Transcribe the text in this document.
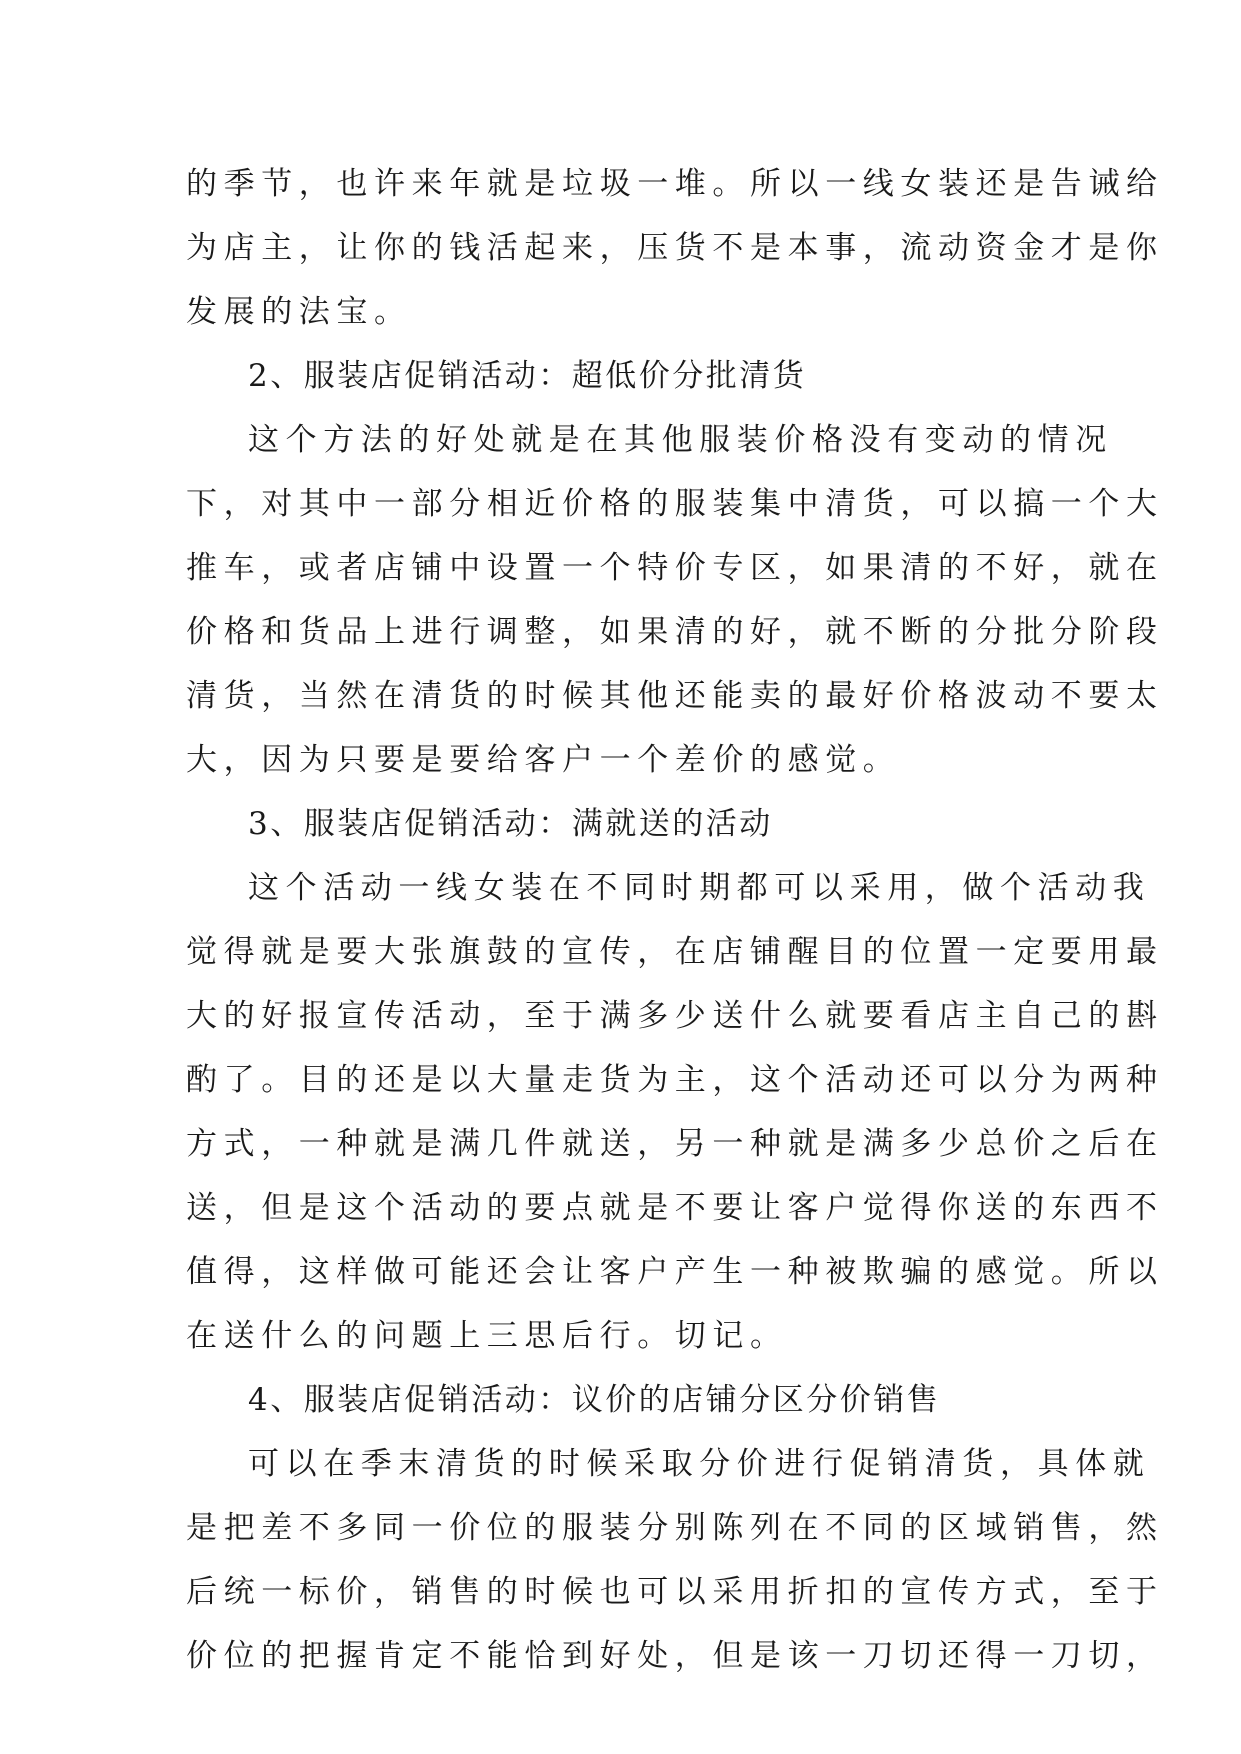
的季节，也许来年就是垃圾一堆。所以一线女装还是告诫给
为店主，让你的钱活起来，压货不是本事，流动资金才是你
发展的法宝。
2、服装店促销活动：超低价分批清货
这个方法的好处就是在其他服装价格没有变动的情况
下，对其中一部分相近价格的服装集中清货，可以搞一个大
推车，或者店铺中设置一个特价专区，如果清的不好，就在
价格和货品上进行调整，如果清的好，就不断的分批分阶段
清货，当然在清货的时候其他还能卖的最好价格波动不要太
大，因为只要是要给客户一个差价的感觉。
3、服装店促销活动：满就送的活动
这个活动一线女装在不同时期都可以采用，做个活动我
觉得就是要大张旗鼓的宣传，在店铺醒目的位置一定要用最
大的好报宣传活动，至于满多少送什么就要看店主自己的斟
酌了。目的还是以大量走货为主，这个活动还可以分为两种
方式，一种就是满几件就送，另一种就是满多少总价之后在
送，但是这个活动的要点就是不要让客户觉得你送的东西不
值得，这样做可能还会让客户产生一种被欺骗的感觉。所以
在送什么的问题上三思后行。切记。
4、服装店促销活动：议价的店铺分区分价销售
可以在季末清货的时候采取分价进行促销清货，具体就
是把差不多同一价位的服装分别陈列在不同的区域销售，然
后统一标价，销售的时候也可以采用折扣的宣传方式，至于
价位的把握肯定不能恰到好处，但是该一刀切还得一刀切，
